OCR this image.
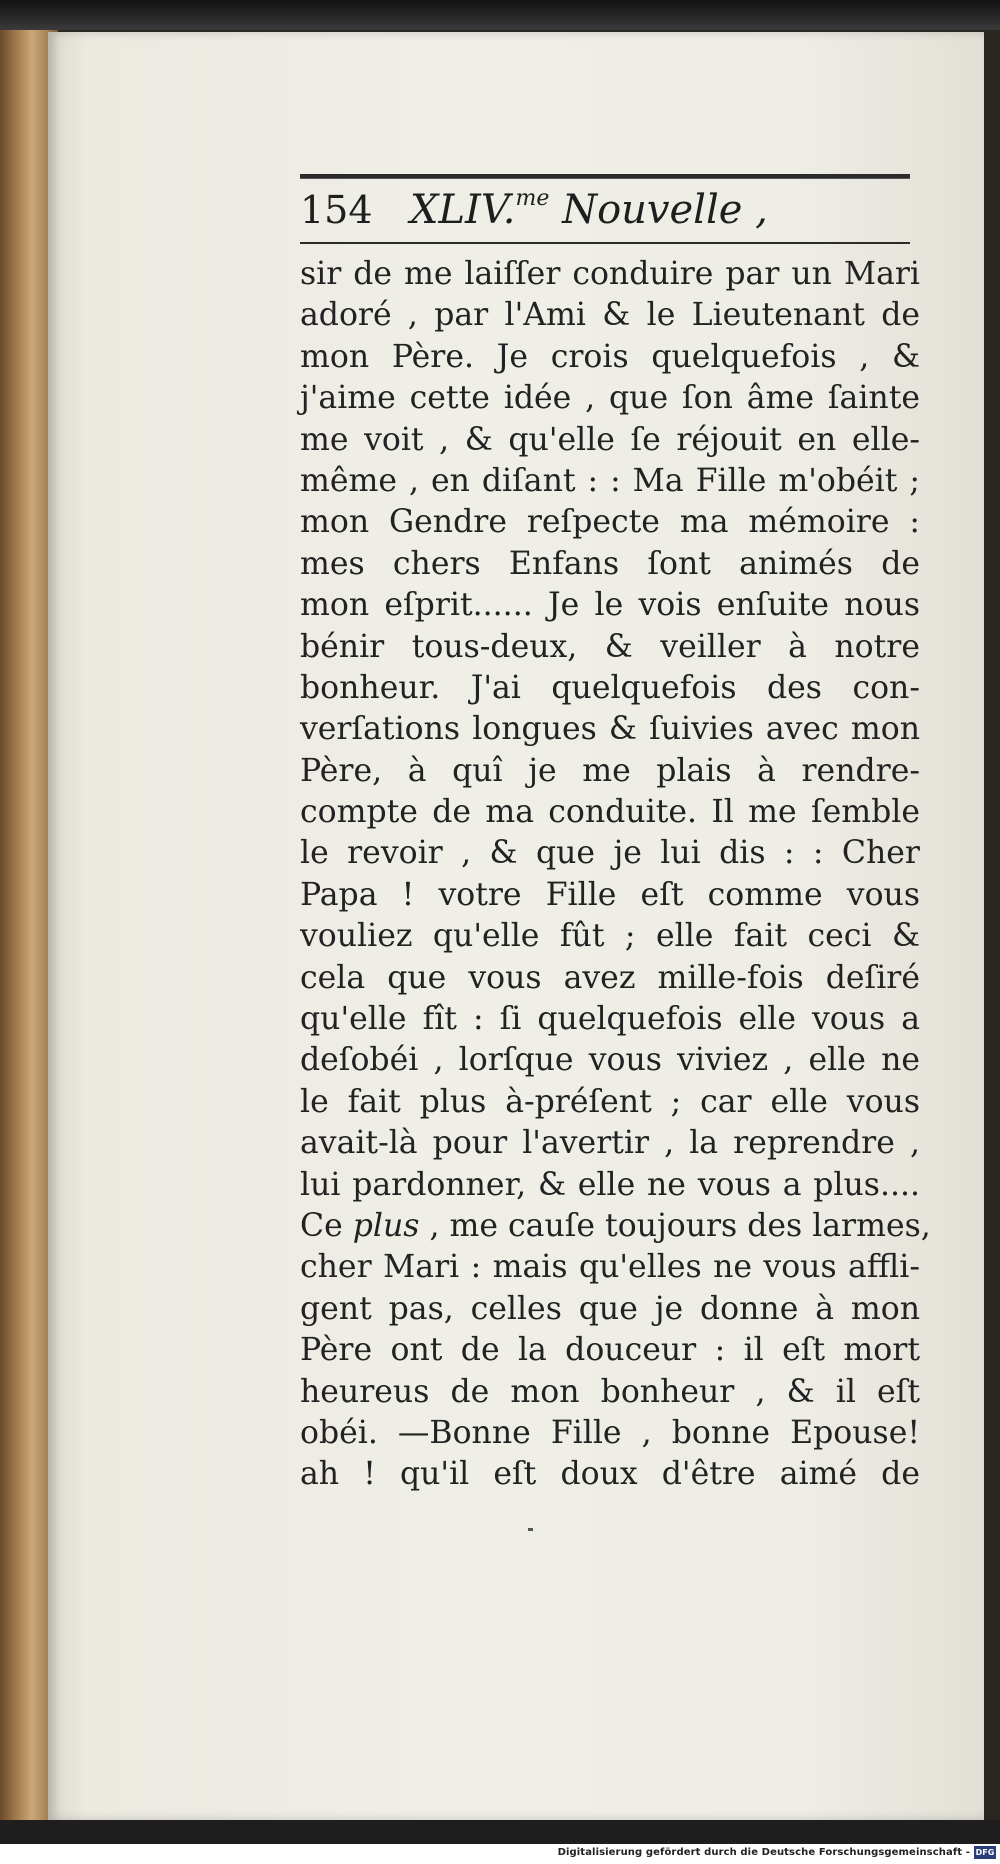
154 XLIV.$^{me}$ Nouvelle ,
sir de me laiſſer conduire par un Mari
adoré , par l'Ami & le Lieutenant de
mon Père. Je crois quelquefois , &
j'aime cette idée , que ſon âme ſainte
me voit , & qu'elle ſe réjouit en elle-
même , en diſant : : Ma Fille m'obéit ;
mon Gendre reſpecte ma mémoire :
mes chers Enfans ſont animés de
mon eſprit...... Je le vois enſuite nous
bénir tous-deux, & veiller à notre
bonheur. J'ai quelquefois des con-
verſations longues & ſuivies avec mon
Père, à quî je me plais à rendre-
compte de ma conduite. Il me ſemble
le revoir , & que je lui dis : : Cher
Papa ! votre Fille eſt comme vous
vouliez qu'elle fût ; elle fait ceci &
cela que vous avez mille-fois deſiré
qu'elle fît : ſi quelquefois elle vous a
deſobéi , lorſque vous viviez , elle ne
le fait plus à-préſent ; car elle vous
avait-là pour l'avertir , la reprendre ,
lui pardonner, & elle ne vous a plus....
Ce plus , me cauſe toujours des larmes,
cher Mari : mais qu'elles ne vous affli-
gent pas, celles que je donne à mon
Père ont de la douceur : il eſt mort
heureus de mon bonheur , & il eſt
obéi. —Bonne Fille , bonne Epouse!
ah ! qu'il eſt doux d'être aimé de
Digitalisierung gefördert durch die Deutsche Forschungsgemeinschaft - DFG
